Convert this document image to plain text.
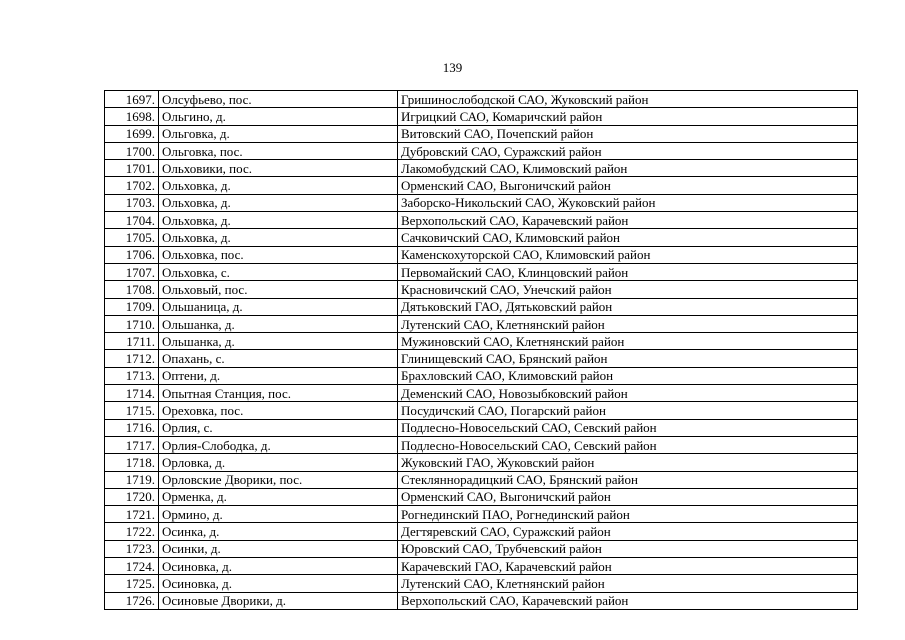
139
1697.	Олсуфьево, пос.	Гришинослободской САО, Жуковский район
1698.	Ольгино, д.	Игрицкий САО, Комаричский район
1699.	Ольговка, д.	Витовский САО, Почепский район
1700.	Ольговка, пос.	Дубровский САО, Суражский район
1701.	Ольховики, пос.	Лакомобудский САО, Климовский район
1702.	Ольховка, д.	Орменский САО, Выгоничский район
1703.	Ольховка, д.	Заборско-Никольский САО, Жуковский район
1704.	Ольховка, д.	Верхопольский САО, Карачевский район
1705.	Ольховка, д.	Сачковичский САО, Климовский район
1706.	Ольховка, пос.	Каменскохуторской САО, Климовский район
1707.	Ольховка, с.	Первомайский САО, Клинцовский район
1708.	Ольховый, пос.	Красновичский САО, Унечский район
1709.	Ольшаница, д.	Дятьковский ГАО, Дятьковский район
1710.	Ольшанка, д.	Лутенский САО, Клетнянский район
1711.	Ольшанка, д.	Мужиновский САО, Клетнянский район
1712.	Опахань, с.	Глинищевский САО, Брянский район
1713.	Оптени, д.	Брахловский САО, Климовский район
1714.	Опытная Станция, пос.	Деменский САО, Новозыбковский район
1715.	Ореховка, пос.	Посудичский САО, Погарский район
1716.	Орлия, с.	Подлесно-Новосельский САО, Севский район
1717.	Орлия-Слободка, д.	Подлесно-Новосельский САО, Севский район
1718.	Орловка, д.	Жуковский ГАО, Жуковский район
1719.	Орловские Дворики, пос.	Стекляннорадицкий САО, Брянский район
1720.	Орменка, д.	Орменский САО, Выгоничский район
1721.	Ормино, д.	Рогнединский ПАО, Рогнединский район
1722.	Осинка, д.	Дегтяревский САО, Суражский район
1723.	Осинки, д.	Юровский САО, Трубчевский район
1724.	Осиновка, д.	Карачевский ГАО, Карачевский район
1725.	Осиновка, д.	Лутенский САО, Клетнянский район
1726.	Осиновые Дворики, д.	Верхопольский САО, Карачевский район
